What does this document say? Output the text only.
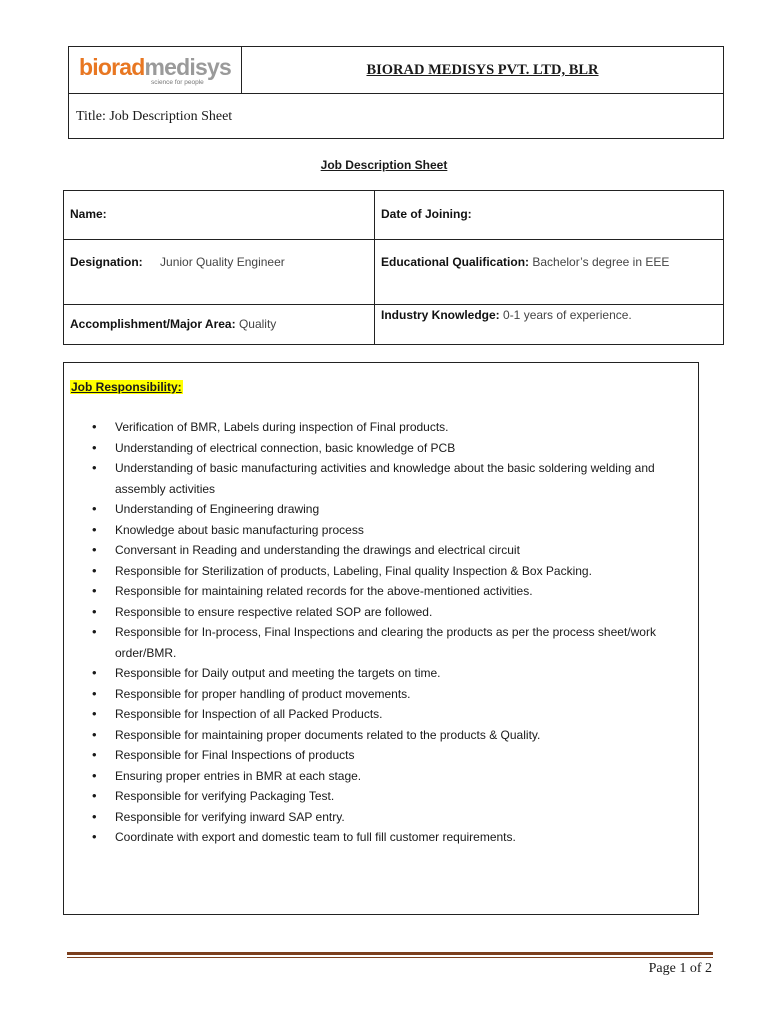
bioradmedisys
science for people
BIORAD MEDISYS PVT. LTD, BLR
Title: Job Description Sheet
Job Description Sheet
Name:	Date of Joining:
Designation: Junior Quality Engineer	Educational Qualification: Bachelor’s degree in EEE
Accomplishment/Major Area: Quality
Industry Knowledge: 0-1 years of experience.
Job Responsibility:
• Verification of BMR, Labels during inspection of Final products.
• Understanding of electrical connection, basic knowledge of PCB
• Understanding of basic manufacturing activities and knowledge about the basic soldering welding and assembly activities
• Understanding of Engineering drawing
• Knowledge about basic manufacturing process
• Conversant in Reading and understanding the drawings and electrical circuit
• Responsible for Sterilization of products, Labeling, Final quality Inspection & Box Packing.
• Responsible for maintaining related records for the above-mentioned activities.
• Responsible to ensure respective related SOP are followed.
• Responsible for In-process, Final Inspections and clearing the products as per the process sheet/work order/BMR.
• Responsible for Daily output and meeting the targets on time.
• Responsible for proper handling of product movements.
• Responsible for Inspection of all Packed Products.
• Responsible for maintaining proper documents related to the products & Quality.
• Responsible for Final Inspections of products
• Ensuring proper entries in BMR at each stage.
• Responsible for verifying Packaging Test.
• Responsible for verifying inward SAP entry.
• Coordinate with export and domestic team to full fill customer requirements.
Page 1 of 2
